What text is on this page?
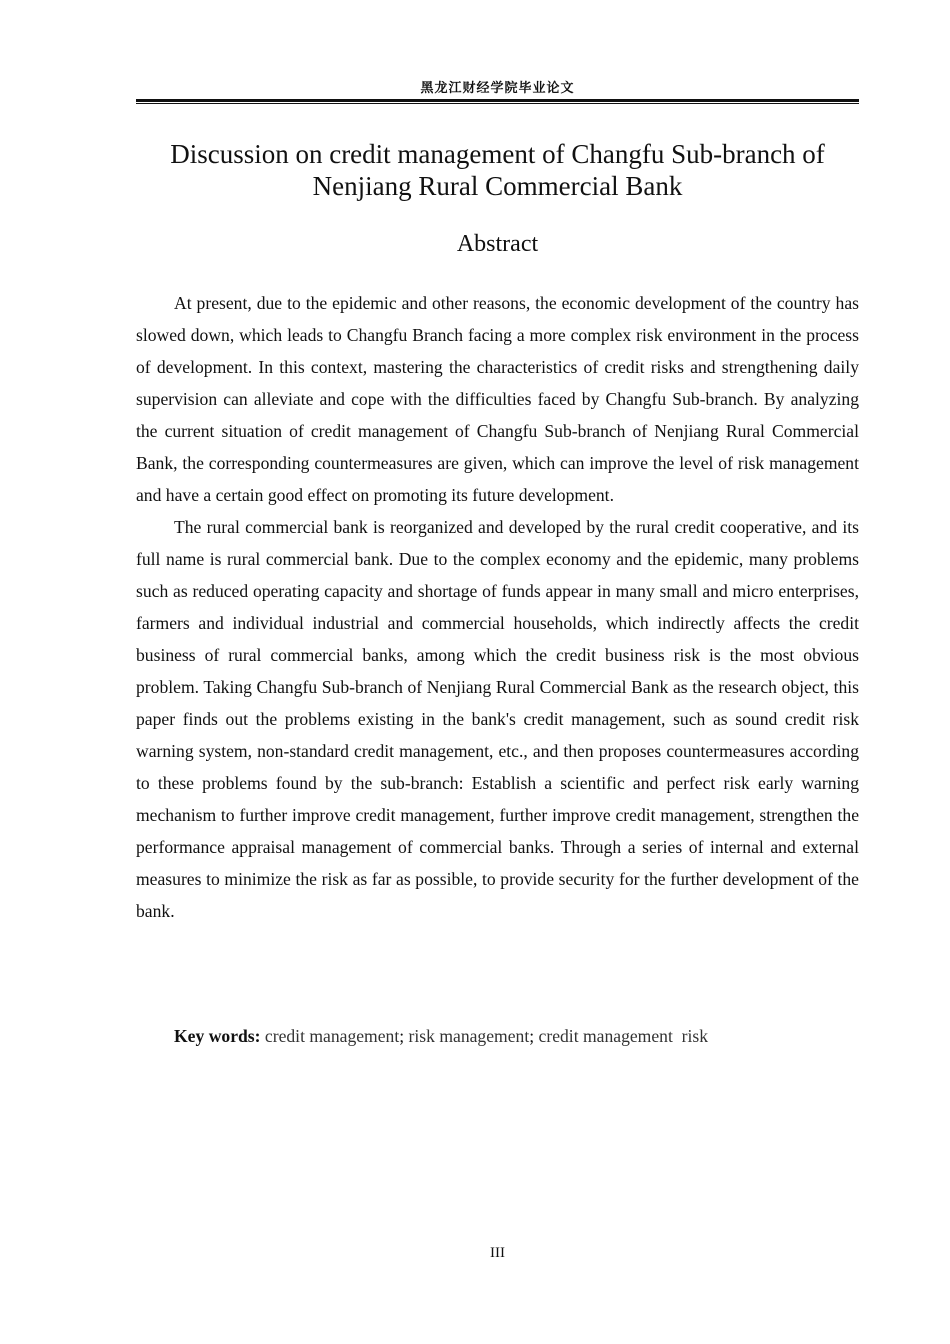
黑龙江财经学院毕业论文
Discussion on credit management of Changfu Sub-branch of
Nenjiang Rural Commercial Bank
Abstract

At present, due to the epidemic and other reasons, the economic development of the country has slowed down, which leads to Changfu Branch facing a more complex risk environment in the process of development. In this context, mastering the characteristics of credit risks and strengthening daily supervision can alleviate and cope with the difficulties faced by Changfu Sub-branch. By analyzing the current situation of credit management of Changfu Sub-branch of Nenjiang Rural Commercial Bank, the corresponding countermeasures are given, which can improve the level of risk management and have a certain good effect on promoting its future development.

The rural commercial bank is reorganized and developed by the rural credit cooperative, and its full name is rural commercial bank. Due to the complex economy and the epidemic, many problems such as reduced operating capacity and shortage of funds appear in many small and micro enterprises, farmers and individual industrial and commercial households, which indirectly affects the credit business of rural commercial banks, among which the credit business risk is the most obvious problem. Taking Changfu Sub-branch of Nenjiang Rural Commercial Bank as the research object, this paper finds out the problems existing in the bank's credit management, such as sound credit risk warning system, non-standard credit management, etc., and then proposes countermeasures according to these problems found by the sub-branch: Establish a scientific and perfect risk early warning mechanism to further improve credit management, further improve credit management, strengthen the performance appraisal management of commercial banks. Through a series of internal and external measures to minimize the risk as far as possible, to provide security for the further development of the bank.

Key words: credit management; risk management; credit management  risk
III
